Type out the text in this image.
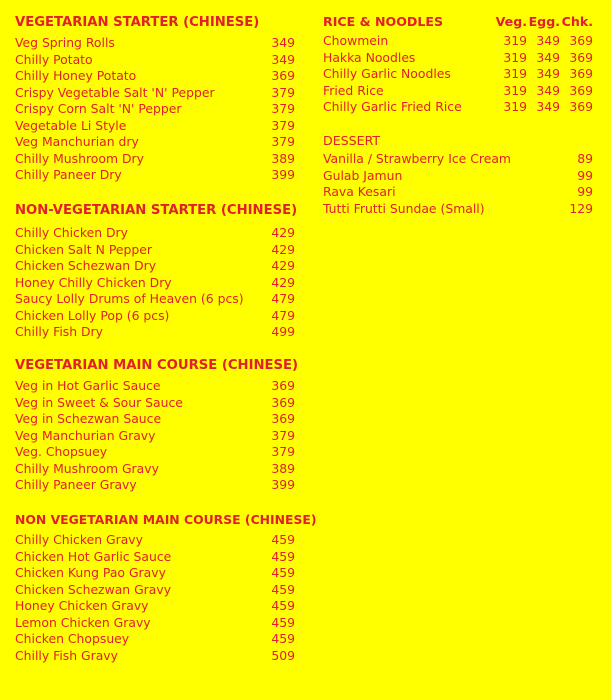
VEGETARIAN STARTER (CHINESE)
Veg Spring Rolls	349
Chilly Potato	349
Chilly Honey Potato	369
Crispy Vegetable Salt 'N' Pepper	379
Crispy Corn Salt 'N' Pepper	379
Vegetable Li Style	379
Veg Manchurian dry	379
Chilly Mushroom Dry	389
Chilly Paneer Dry	399
NON-VEGETARIAN STARTER (CHINESE)
Chilly Chicken Dry	429
Chicken Salt N Pepper	429
Chicken Schezwan Dry	429
Honey Chilly Chicken Dry	429
Saucy Lolly Drums of Heaven (6 pcs) 479
Chicken Lolly Pop (6 pcs)	479
Chilly Fish Dry	499
VEGETARIAN MAIN COURSE (CHINESE)
Veg in Hot Garlic Sauce	369
Veg in Sweet & Sour Sauce	369
Veg in Schezwan Sauce	369
Veg Manchurian Gravy	379
Veg. Chopsuey	379
Chilly Mushroom Gravy	389
Chilly Paneer Gravy	399
NON VEGETARIAN MAIN COURSE (CHINESE)
Chilly Chicken Gravy	459
Chicken Hot Garlic Sauce	459
Chicken Kung Pao Gravy	459
Chicken Schezwan Gravy	459
Honey Chicken Gravy	459
Lemon Chicken Gravy	459
Chicken Chopsuey	459
Chilly Fish Gravy	509
RICE & NOODLES	Veg. Egg. Chk.
Chowmein	319 349 369
Hakka Noodles	319 349 369
Chilly Garlic Noodles	319 349 369
Fried Rice	319 349 369
Chilly Garlic Fried Rice	319 349 369
DESSERT
Vanilla / Strawberry Ice Cream	89
Gulab Jamun	99
Rava Kesari	99
Tutti Frutti Sundae (Small)	129
